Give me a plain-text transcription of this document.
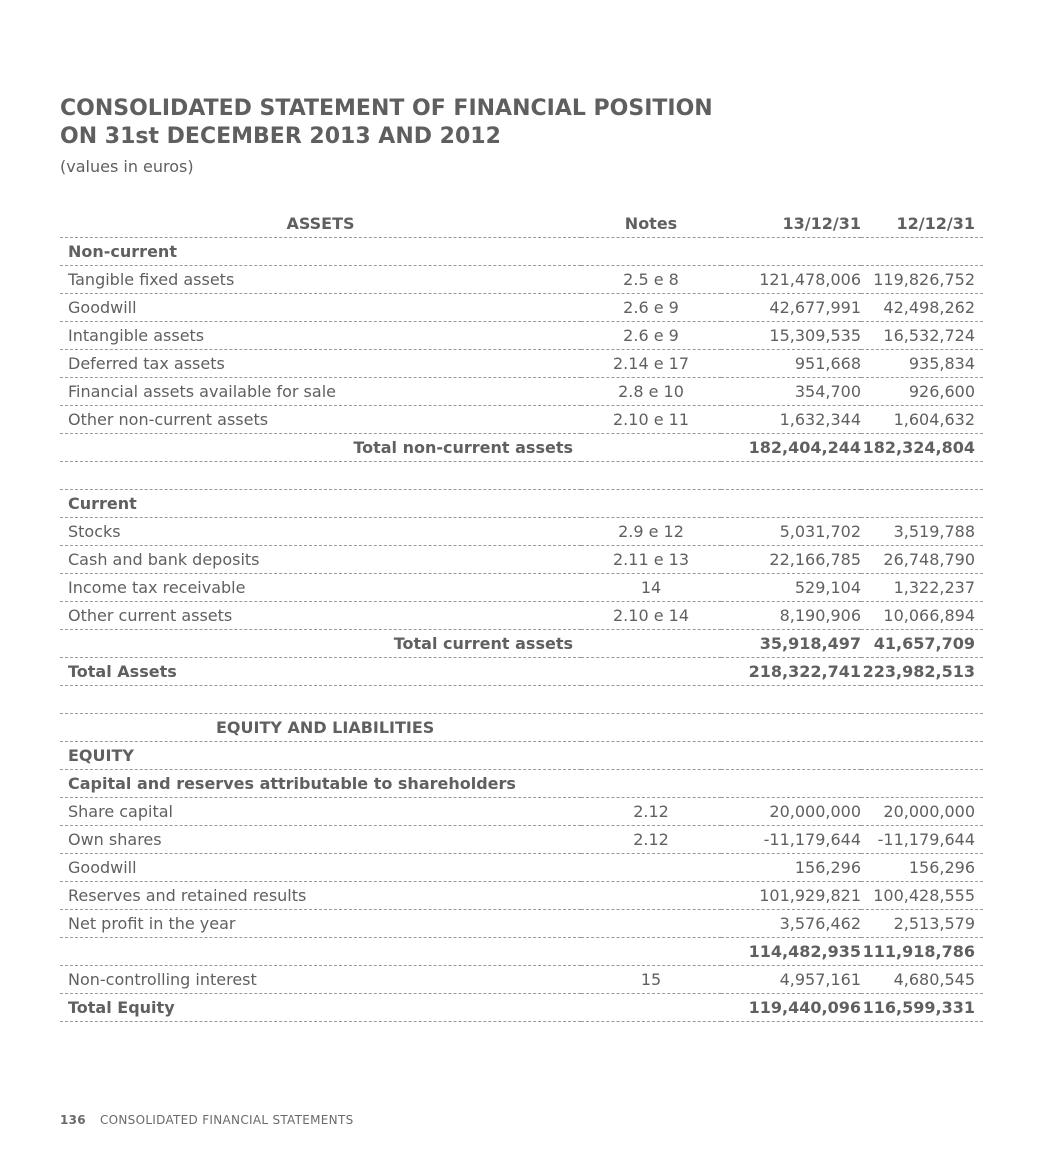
CONSOLIDATED STATEMENT OF FINANCIAL POSITION
ON 31st DECEMBER 2013 AND 2012
(values in euros)
ASSETS	Notes	13/12/31	12/12/31
Non-current			
Tangible fixed assets	2.5 e 8	121,478,006	119,826,752
Goodwill	2.6 e 9	42,677,991	42,498,262
Intangible assets	2.6 e 9	15,309,535	16,532,724
Deferred tax assets	2.14 e 17	951,668	935,834
Financial assets available for sale	2.8 e 10	354,700	926,600
Other non-current assets	2.10 e 11	1,632,344	1,604,632
Total non-current assets		182,404,244	182,324,804

Current			
Stocks	2.9 e 12	5,031,702	3,519,788
Cash and bank deposits	2.11 e 13	22,166,785	26,748,790
Income tax receivable	14	529,104	1,322,237
Other current assets	2.10 e 14	8,190,906	10,066,894
Total current assets		35,918,497	41,657,709
Total Assets		218,322,741	223,982,513

EQUITY AND LIABILITIES			
EQUITY			
Capital and reserves attributable to shareholders			
Share capital	2.12	20,000,000	20,000,000
Own shares	2.12	-11,179,644	-11,179,644
Goodwill		156,296	156,296
Reserves and retained results		101,929,821	100,428,555
Net profit in the year		3,576,462	2,513,579
		114,482,935	111,918,786
Non-controlling interest	15	4,957,161	4,680,545
Total Equity		119,440,096	116,599,331
136 CONSOLIDATED FINANCIAL STATEMENTS
